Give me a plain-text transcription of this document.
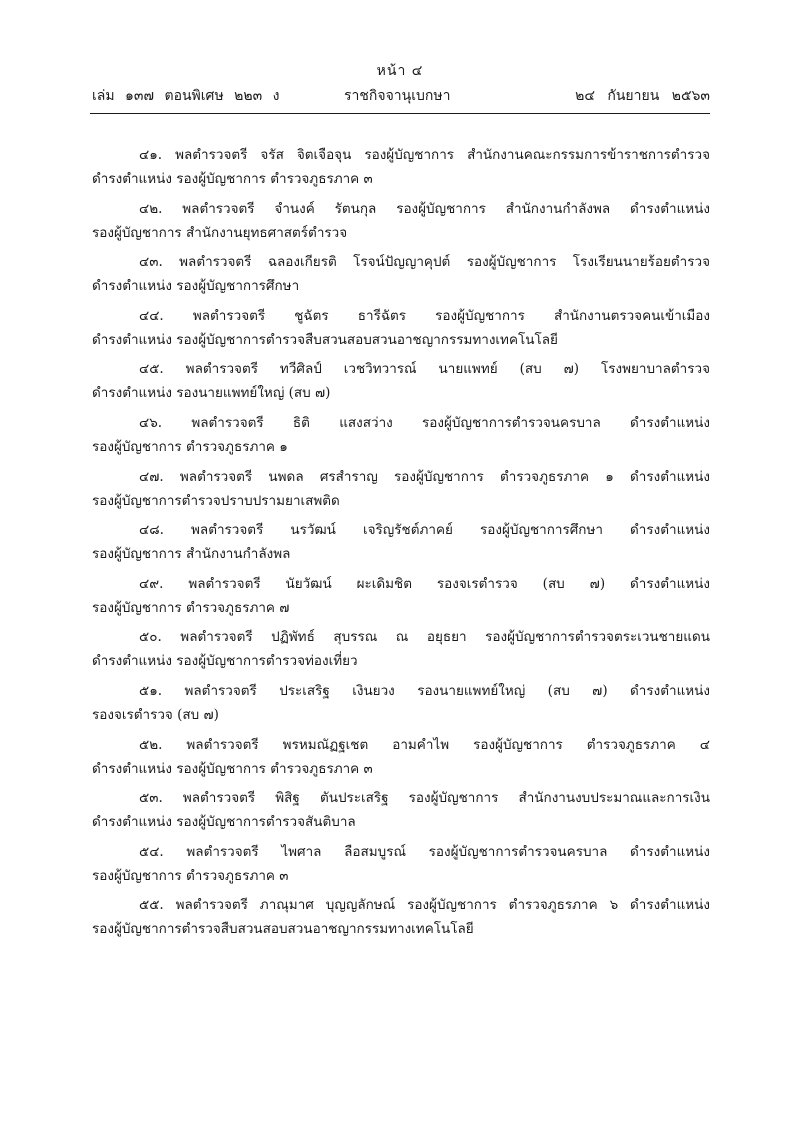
หน้า ๔
เล่ม ๑๓๗ ตอนพิเศษ ๒๒๓ ง	ราชกิจจานุเบกษา	๒๔ กันยายน ๒๕๖๓
๔๑. พลตำรวจตรี จรัส จิตเจือจุน รองผู้บัญชาการ สำนักงานคณะกรรมการข้าราชการตำรวจ
ดำรงตำแหน่ง รองผู้บัญชาการ ตำรวจภูธรภาค ๓
๔๒. พลตำรวจตรี จำนงค์ รัตนกุล รองผู้บัญชาการ สำนักงานกำลังพล ดำรงตำแหน่ง
รองผู้บัญชาการ สำนักงานยุทธศาสตร์ตำรวจ
๔๓. พลตำรวจตรี ฉลองเกียรติ โรจน์ปัญญาคุปต์ รองผู้บัญชาการ โรงเรียนนายร้อยตำรวจ
ดำรงตำแหน่ง รองผู้บัญชาการศึกษา
๔๔. พลตำรวจตรี ชูฉัตร ธารีฉัตร รองผู้บัญชาการ สำนักงานตรวจคนเข้าเมือง
ดำรงตำแหน่ง รองผู้บัญชาการตำรวจสืบสวนสอบสวนอาชญากรรมทางเทคโนโลยี
๔๕. พลตำรวจตรี ทวีศิลป์ เวชวิทวารณ์ นายแพทย์ (สบ ๗) โรงพยาบาลตำรวจ
ดำรงตำแหน่ง รองนายแพทย์ใหญ่ (สบ ๗)
๔๖. พลตำรวจตรี ธิติ แสงสว่าง รองผู้บัญชาการตำรวจนครบาล ดำรงตำแหน่ง
รองผู้บัญชาการ ตำรวจภูธรภาค ๑
๔๗. พลตำรวจตรี นพดล ศรสำราญ รองผู้บัญชาการ ตำรวจภูธรภาค ๑ ดำรงตำแหน่ง
รองผู้บัญชาการตำรวจปราบปรามยาเสพติด
๔๘. พลตำรวจตรี นรวัฒน์ เจริญรัชต์ภาคย์ รองผู้บัญชาการศึกษา ดำรงตำแหน่ง
รองผู้บัญชาการ สำนักงานกำลังพล
๔๙. พลตำรวจตรี นัยวัฒน์ ผะเดิมชิต รองจเรตำรวจ (สบ ๗) ดำรงตำแหน่ง
รองผู้บัญชาการ ตำรวจภูธรภาค ๗
๕๐. พลตำรวจตรี ปฏิพัทธ์ สุบรรณ ณ อยุธยา รองผู้บัญชาการตำรวจตระเวนชายแดน
ดำรงตำแหน่ง รองผู้บัญชาการตำรวจท่องเที่ยว
๕๑. พลตำรวจตรี ประเสริฐ เงินยวง รองนายแพทย์ใหญ่ (สบ ๗) ดำรงตำแหน่ง
รองจเรตำรวจ (สบ ๗)
๕๒. พลตำรวจตรี พรหมณัฏฐเชต อามคำไพ รองผู้บัญชาการ ตำรวจภูธรภาค ๔
ดำรงตำแหน่ง รองผู้บัญชาการ ตำรวจภูธรภาค ๓
๕๓. พลตำรวจตรี พิสิฐ ตันประเสริฐ รองผู้บัญชาการ สำนักงานงบประมาณและการเงิน
ดำรงตำแหน่ง รองผู้บัญชาการตำรวจสันติบาล
๕๔. พลตำรวจตรี ไพศาล ลือสมบูรณ์ รองผู้บัญชาการตำรวจนครบาล ดำรงตำแหน่ง
รองผู้บัญชาการ ตำรวจภูธรภาค ๓
๕๕. พลตำรวจตรี ภาณุมาศ บุญญลักษณ์ รองผู้บัญชาการ ตำรวจภูธรภาค ๖ ดำรงตำแหน่ง
รองผู้บัญชาการตำรวจสืบสวนสอบสวนอาชญากรรมทางเทคโนโลยี
